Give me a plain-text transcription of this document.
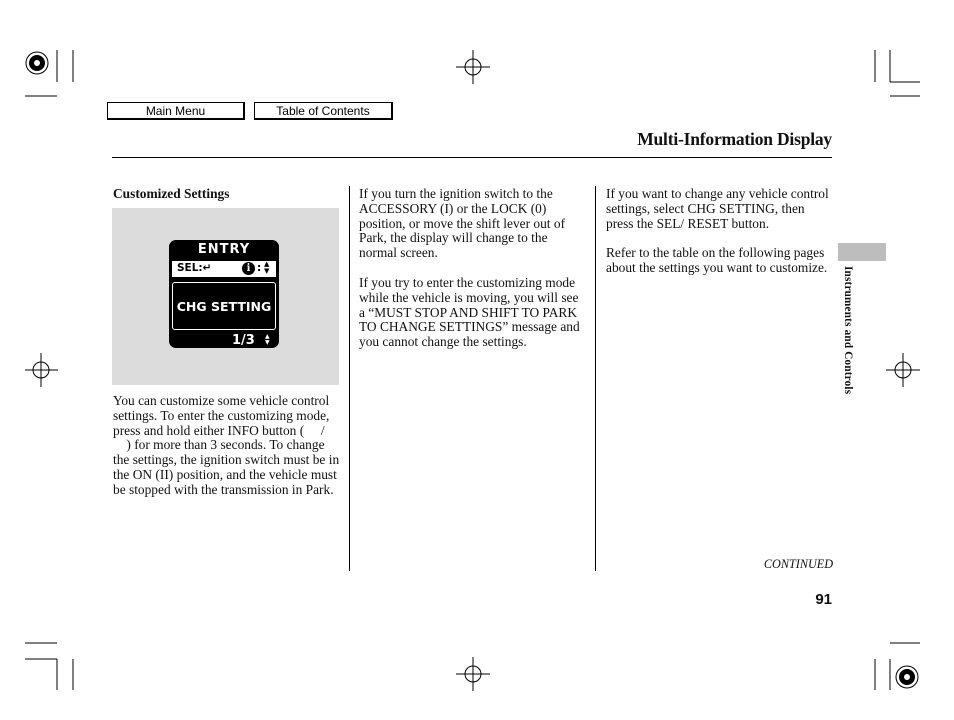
Main Menu	Table of Contents
Multi-Information Display
Customized Settings
ENTRY
SEL:↵	i : ▲
▼
CHG SETTING
1/3 ▲
▼

You can customize some vehicle control settings. To enter the customizing mode, press and hold either INFO button (  /  ) for more than 3 seconds. To change the settings, the ignition switch must be in the ON (II) position, and the vehicle must be stopped with the transmission in Park.

If you turn the ignition switch to the ACCESSORY (I) or the LOCK (0) position, or move the shift lever out of Park, the display will change to the normal screen.

If you try to enter the customizing mode while the vehicle is moving, you will see a “MUST STOP AND SHIFT TO PARK TO CHANGE SETTINGS” message and you cannot change the settings.

If you want to change any vehicle control settings, select CHG SETTING, then press the SEL/ RESET button.

Refer to the table on the following pages about the settings you want to customize.	Instruments and Controls
CONTINUED
91
